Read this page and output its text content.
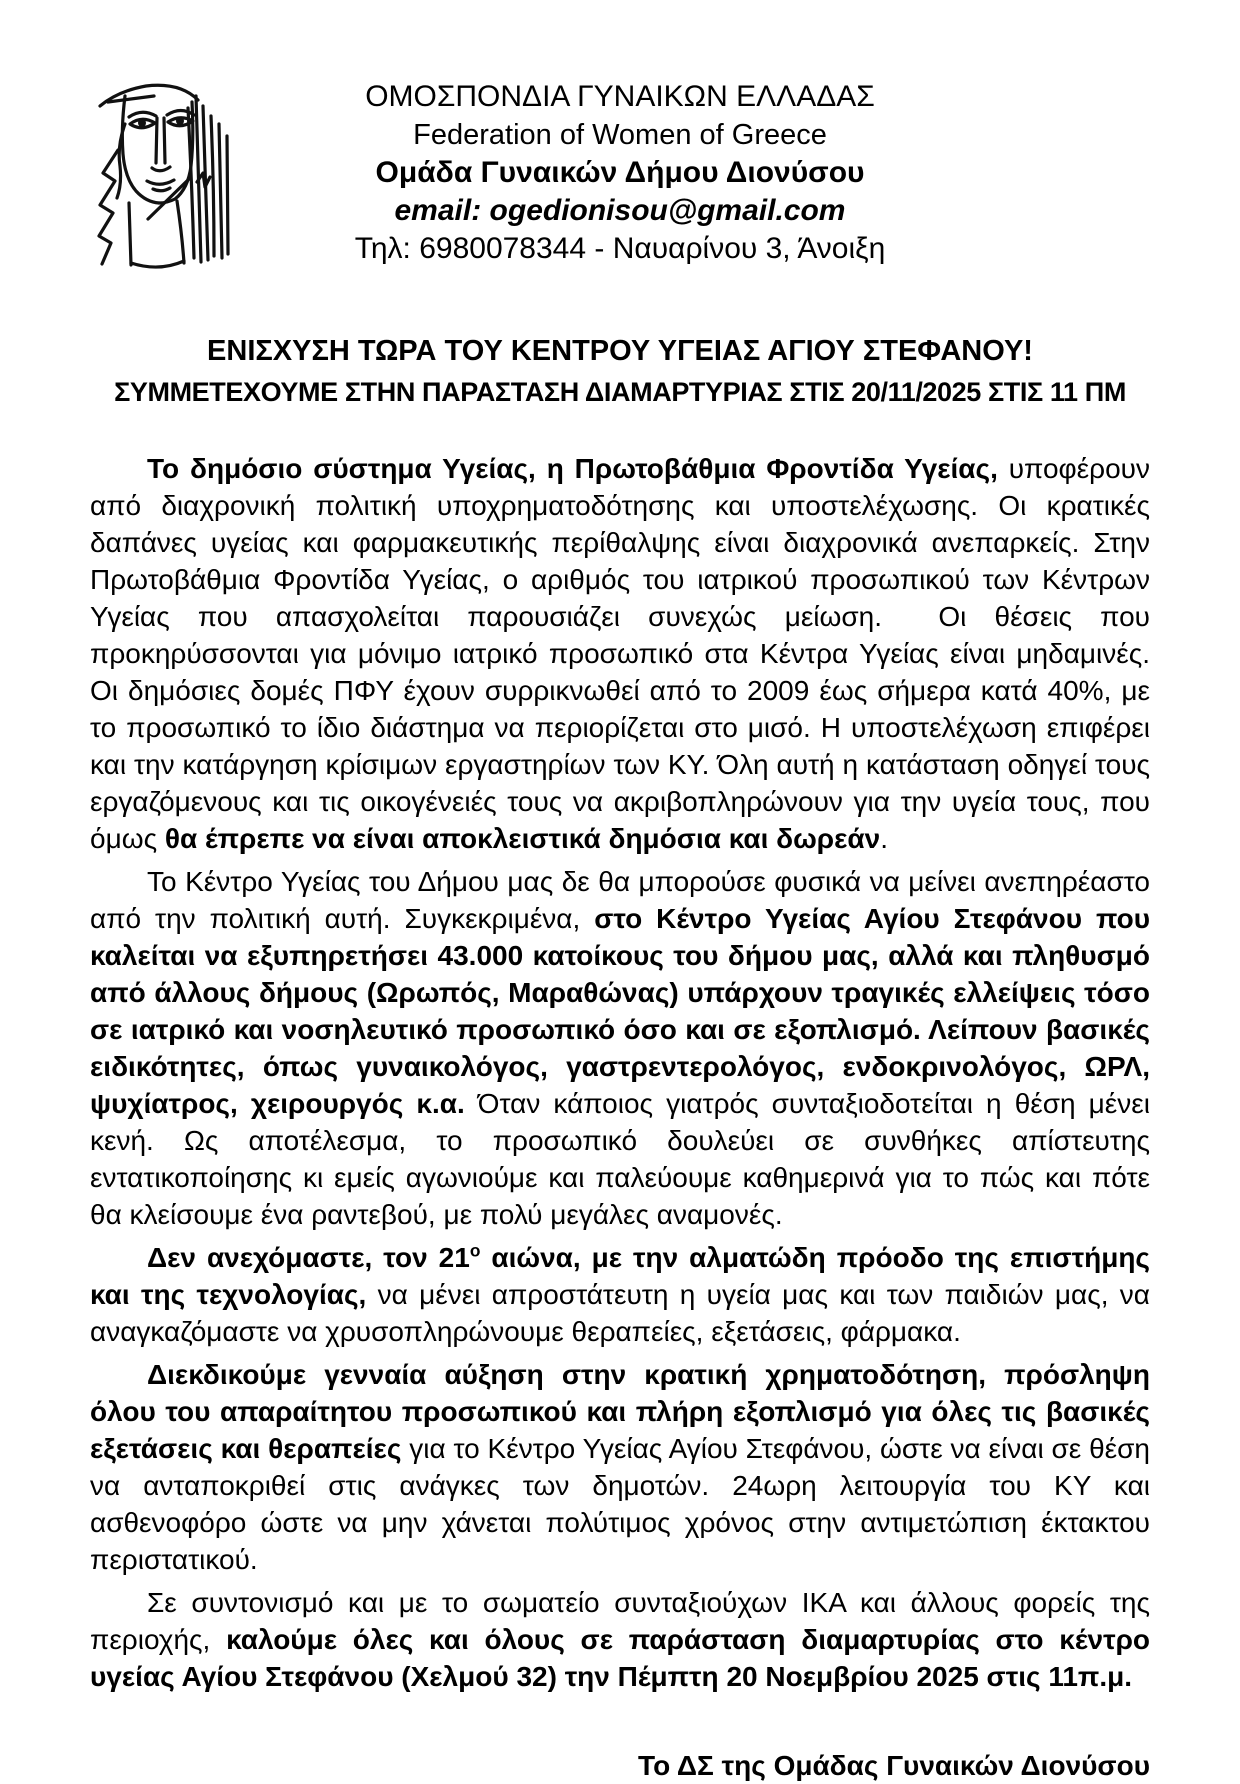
ΟΜΟΣΠΟΝΔΙΑ ΓΥΝΑΙΚΩΝ ΕΛΛΑΔΑΣ
Federation of Women of Greece
Ομάδα Γυναικών Δήμου Διονύσου
email: ogedionisou@gmail.com
Τηλ: 6980078344 - Ναυαρίνου 3, Άνοιξη
ΕΝΙΣΧΥΣΗ ΤΩΡΑ ΤΟΥ ΚΕΝΤΡΟΥ ΥΓΕΙΑΣ ΑΓΙΟΥ ΣΤΕΦΑΝΟΥ!
ΣΥΜΜΕΤΕΧΟΥΜΕ ΣΤΗΝ ΠΑΡΑΣΤΑΣΗ ΔΙΑΜΑΡΤΥΡΙΑΣ ΣΤΙΣ 20/11/2025 ΣΤΙΣ 11 ΠΜ

Το δημόσιο σύστημα Υγείας, η Πρωτοβάθμια Φροντίδα Υγείας, υποφέρουν από διαχρονική πολιτική υποχρηματοδότησης και υποστελέχωσης. Οι κρατικές δαπάνες υγείας και φαρμακευτικής περίθαλψης είναι διαχρονικά ανεπαρκείς. Στην Πρωτοβάθμια Φροντίδα Υγείας, ο αριθμός του ιατρικού προσωπικού των Κέντρων Υγείας που απασχολείται παρουσιάζει συνεχώς μείωση.  Οι θέσεις που προκηρύσσονται για μόνιμο ιατρικό προσωπικό στα Κέντρα Υγείας είναι μηδαμινές. Οι δημόσιες δομές ΠΦΥ έχουν συρρικνωθεί από το 2009 έως σήμερα κατά 40%, με το προσωπικό το ίδιο διάστημα να περιορίζεται στο μισό. Η υποστελέχωση επιφέρει και την κατάργηση κρίσιμων εργαστηρίων των ΚΥ. Όλη αυτή η κατάσταση οδηγεί τους εργαζόμενους και τις οικογένειές τους να ακριβοπληρώνουν για την υγεία τους, που όμως θα έπρεπε να είναι αποκλειστικά δημόσια και δωρεάν.

Το Κέντρο Υγείας του Δήμου μας δε θα μπορούσε φυσικά να μείνει ανεπηρέαστο από την πολιτική αυτή. Συγκεκριμένα, στο Κέντρο Υγείας Αγίου Στεφάνου που καλείται να εξυπηρετήσει 43.000 κατοίκους του δήμου μας, αλλά και πληθυσμό από άλλους δήμους (Ωρωπός, Μαραθώνας) υπάρχουν τραγικές ελλείψεις τόσο σε ιατρικό και νοσηλευτικό προσωπικό όσο και σε εξοπλισμό. Λείπουν βασικές ειδικότητες, όπως γυναικολόγος, γαστρεντερολόγος, ενδοκρινολόγος, ΩΡΛ, ψυχίατρος, χειρουργός κ.α. Όταν κάποιος γιατρός συνταξιοδοτείται η θέση μένει κενή. Ως αποτέλεσμα, το προσωπικό δουλεύει σε συνθήκες απίστευτης εντατικοποίησης κι εμείς αγωνιούμε και παλεύουμε καθημερινά για το πώς και πότε θα κλείσουμε ένα ραντεβού, με πολύ μεγάλες αναμονές.

Δεν ανεχόμαστε, τον $21^o$ αιώνα, με την αλματώδη πρόοδο της επιστήμης και της τεχνολογίας, να μένει απροστάτευτη η υγεία μας και των παιδιών μας, να αναγκαζόμαστε να χρυσοπληρώνουμε θεραπείες, εξετάσεις, φάρμακα.

Διεκδικούμε γενναία αύξηση στην κρατική χρηματοδότηση, πρόσληψη όλου του απαραίτητου προσωπικού και πλήρη εξοπλισμό για όλες τις βασικές εξετάσεις και θεραπείες για το Κέντρο Υγείας Αγίου Στεφάνου, ώστε να είναι σε θέση να ανταποκριθεί στις ανάγκες των δημοτών. 24ωρη λειτουργία του ΚΥ και ασθενοφόρο ώστε να μην χάνεται πολύτιμος χρόνος στην αντιμετώπιση έκτακτου περιστατικού.

Σε συντονισμό και με το σωματείο συνταξιούχων ΙΚΑ και άλλους φορείς της περιοχής, καλούμε όλες και όλους σε παράσταση διαμαρτυρίας στο κέντρο υγείας Αγίου Στεφάνου (Χελμού 32) την Πέμπτη 20 Νοεμβρίου 2025 στις 11π.μ.

Το ΔΣ της Ομάδας Γυναικών Διονύσου
